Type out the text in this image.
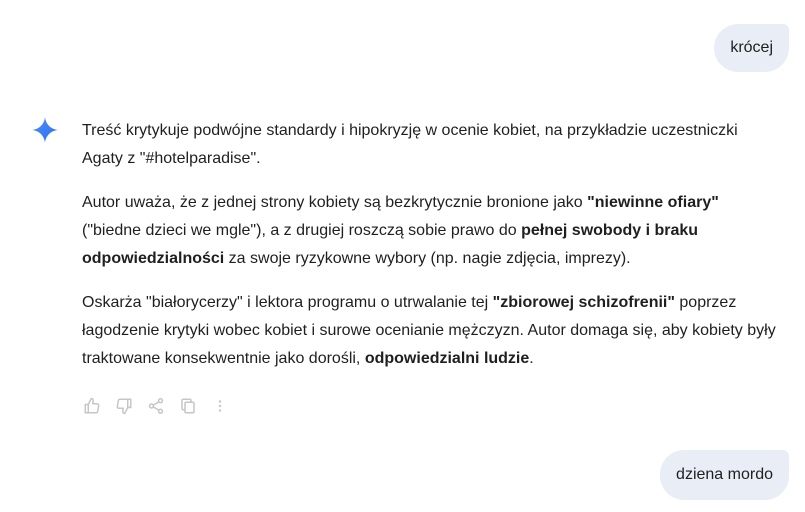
krócej

Treść krytykuje podwójne standardy i hipokryzję w ocenie kobiet, na przykładzie uczestniczki Agaty z "#hotelparadise".

Autor uważa, że z jednej strony kobiety są bezkrytycznie bronione jako "niewinne ofiary" ("biedne dzieci we mgle"), a z drugiej roszczą sobie prawo do pełnej swobody i braku odpowiedzialności za swoje ryzykowne wybory (np. nagie zdjęcia, imprezy).

Oskarża "białorycerzy" i lektora programu o utrwalanie tej "zbiorowej schizofrenii" poprzez łagodzenie krytyki wobec kobiet i surowe ocenianie mężczyzn. Autor domaga się, aby kobiety były traktowane konsekwentnie jako dorośli, odpowiedzialni ludzie.

dziena mordo
